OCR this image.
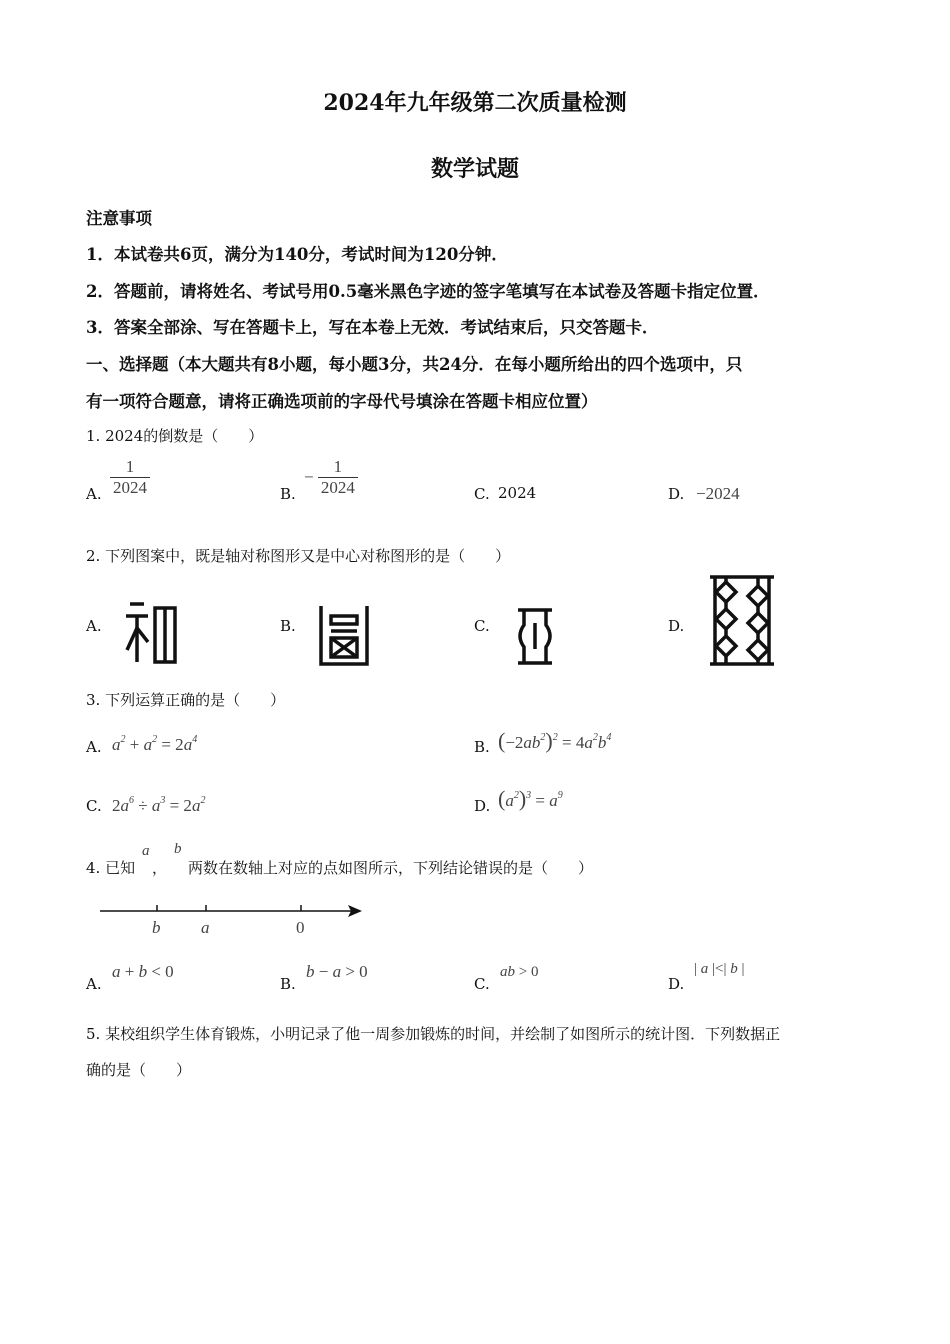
2024年九年级第二次质量检测
数学试题
注意事项
1．本试卷共6页，满分为140分，考试时间为120分钟．
2．答题前，请将姓名、考试号用0.5毫米黑色字迹的签字笔填写在本试卷及答题卡指定位置．
3．答案全部涂、写在答题卡上，写在本卷上无效．考试结束后，只交答题卡．
一、选择题（本大题共有8小题，每小题3分，共24分．在每小题所给出的四个选项中，只
有一项符合题意，请将正确选项前的字母代号填涂在答题卡相应位置）
1. 2024的倒数是（　　）
A. $\frac{1}{2024}$	B.
− $\frac{1}{2024}$	C. 2024	D. −2024
2. 下列图案中，既是轴对称图形又是中心对称图形的是（　　）
A.	B.	C.	D.
3. 下列运算正确的是（　　）
A. $a^2 + a^2 = 2a^4$	B. $(-2ab^2)^2 = 4a^2b^4$
C. $2a^6 \div a^3 = 2a^2$	D. $(a^2)^3 = a^9$
4. 已知
a
，
b
两数在数轴上对应的点如图所示，下列结论错误的是（　　）
b a	0
A.
a + b < 0
B.
b − a > 0
C.
ab > 0
D.
| a |<| b |
5. 某校组织学生体育锻炼，小明记录了他一周参加锻炼的时间，并绘制了如图所示的统计图．下列数据正
确的是（　　）
